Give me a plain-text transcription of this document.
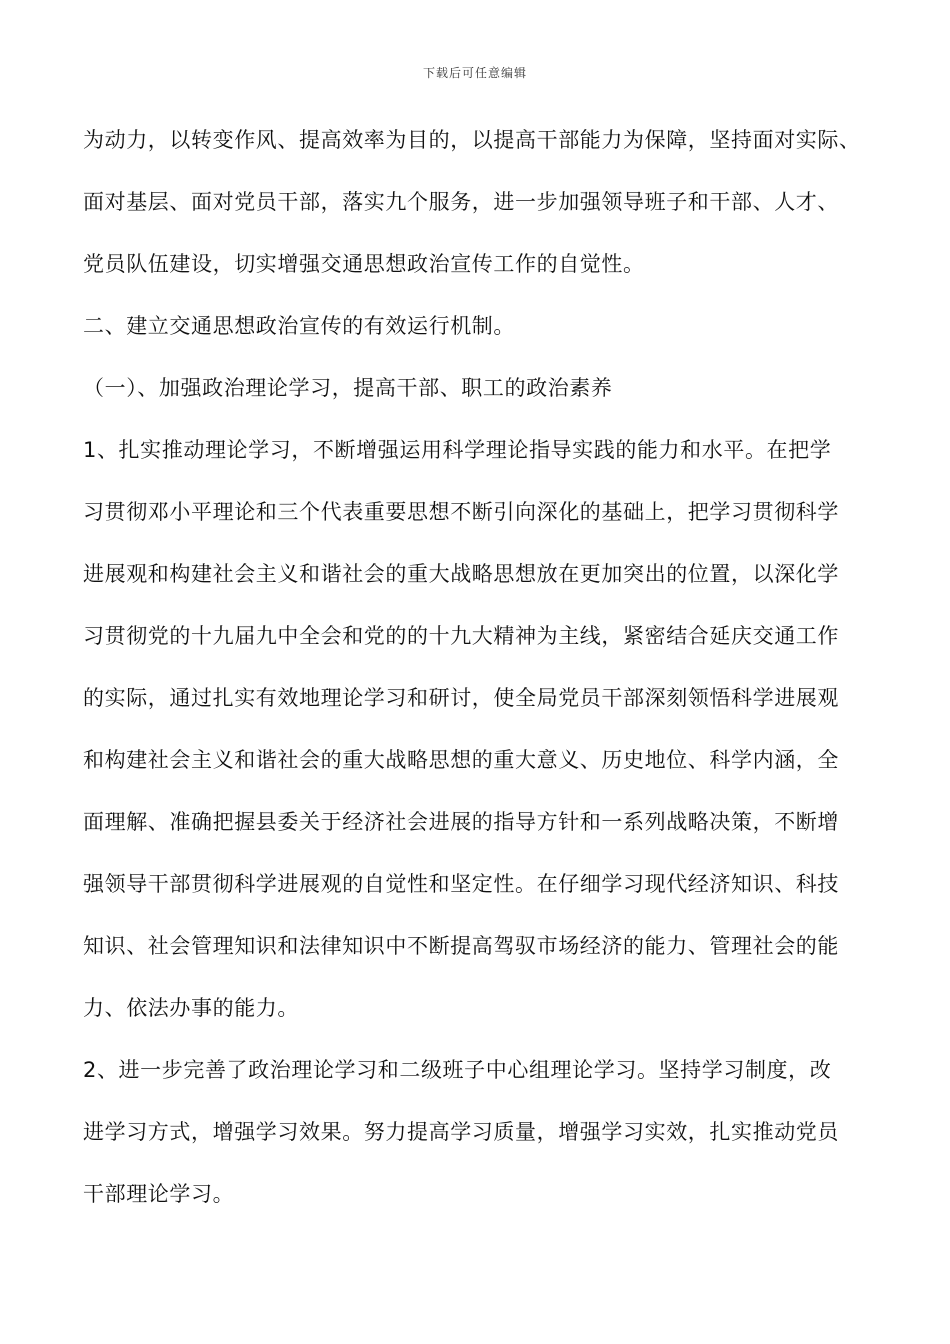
下载后可任意编辑
为动力，以转变作风、提高效率为目的，以提高干部能力为保障，坚持面对实际、
面对基层、面对党员干部，落实九个服务，进一步加强领导班子和干部、人才、
党员队伍建设，切实增强交通思想政治宣传工作的自觉性。
二、建立交通思想政治宣传的有效运行机制。
（一）、加强政治理论学习，提高干部、职工的政治素养
1、扎实推动理论学习，不断增强运用科学理论指导实践的能力和水平。在把学
习贯彻邓小平理论和三个代表重要思想不断引向深化的基础上，把学习贯彻科学
进展观和构建社会主义和谐社会的重大战略思想放在更加突出的位置，以深化学
习贯彻党的十九届九中全会和党的的十九大精神为主线，紧密结合延庆交通工作
的实际，通过扎实有效地理论学习和研讨，使全局党员干部深刻领悟科学进展观
和构建社会主义和谐社会的重大战略思想的重大意义、历史地位、科学内涵，全
面理解、准确把握县委关于经济社会进展的指导方针和一系列战略决策，不断增
强领导干部贯彻科学进展观的自觉性和坚定性。在仔细学习现代经济知识、科技
知识、社会管理知识和法律知识中不断提高驾驭市场经济的能力、管理社会的能
力、依法办事的能力。
2、进一步完善了政治理论学习和二级班子中心组理论学习。坚持学习制度，改
进学习方式，增强学习效果。努力提高学习质量，增强学习实效，扎实推动党员
干部理论学习。
